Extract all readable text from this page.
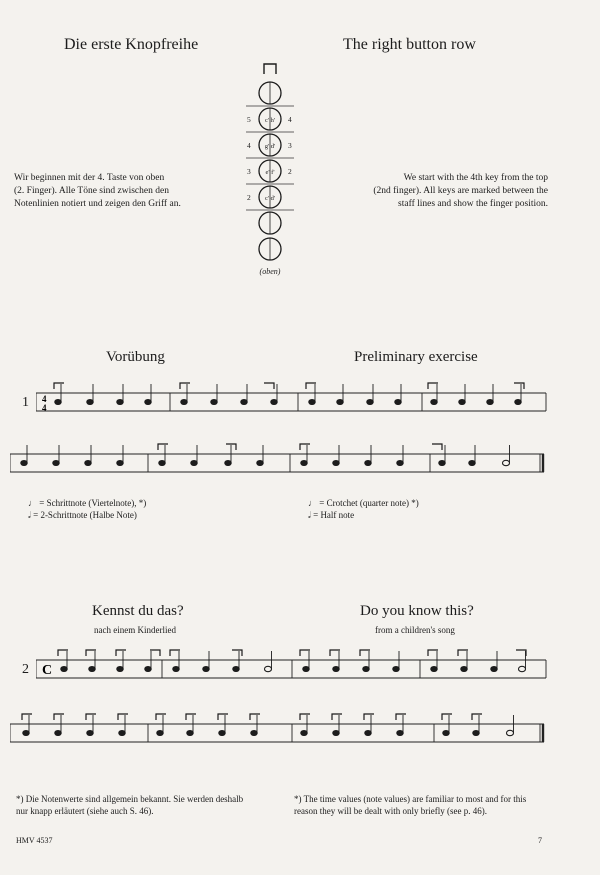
Die erste Knopfreihe	The right button row
Wir beginnen mit der 4. Taste von oben
(2. Finger). Alle Töne sind zwischen den
Notenlinien notiert und zeigen den Griff an.
We start with the 4th key from the top
(2nd finger). All keys are marked between the
staff lines and show the finger position.
5	4
4	3
3	2
2
c' h'
g' d'
e' f'
c' d'
(oben)
Vorübung	Preliminary exercise
1 4
4
♩ = Schrittnote (Viertelnote), *)
𝅗𝅥 = 2-Schrittnote (Halbe Note)
♩ = Crotchet (quarter note) *)
𝅗𝅥 = Half note
Kennst du das?
nach einem Kinderlied
Do you know this?
from a children's song
2 C
*) Die Notenwerte sind allgemein bekannt. Sie werden deshalb
nur knapp erläutert (siehe auch S. 46).
*) The time values (note values) are familiar to most and for this
reason they will be dealt with only briefly (see p. 46).
HMV 4537	7
